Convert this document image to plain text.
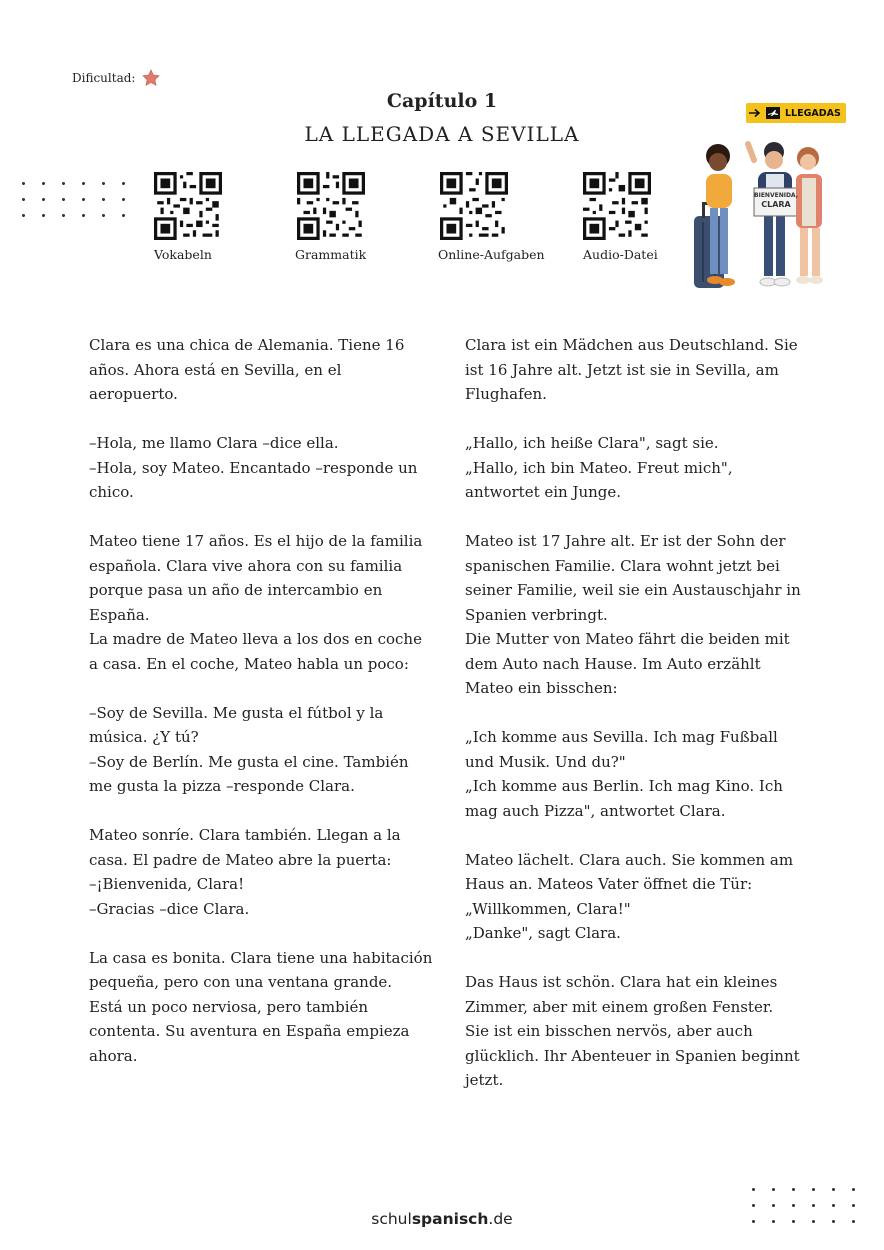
Dificultad:
Capítulo 1
LA LLEGADA A SEVILLA
Vokabeln	Grammatik	Online-Aufgaben	Audio-Datei
LLEGADAS
BIENVENIDA,
CLARA

Clara es una chica de Alemania. Tiene 16 años. Ahora está en Sevilla, en el aeropuerto.

–Hola, me llamo Clara –dice ella.

–Hola, soy Mateo. Encantado –responde un chico.

Mateo tiene 17 años. Es el hijo de la familia española. Clara vive ahora con su familia porque pasa un año de intercambio en España.

La madre de Mateo lleva a los dos en coche a casa. En el coche, Mateo habla un poco:

–Soy de Sevilla. Me gusta el fútbol y la música. ¿Y tú?

–Soy de Berlín. Me gusta el cine. También me gusta la pizza –responde Clara.

Mateo sonríe. Clara también. Llegan a la casa. El padre de Mateo abre la puerta:

–¡Bienvenida, Clara!

–Gracias –dice Clara.

La casa es bonita. Clara tiene una habitación pequeña, pero con una ventana grande.

Está un poco nerviosa, pero también contenta. Su aventura en España empieza ahora.

Clara ist ein Mädchen aus Deutschland. Sie ist 16 Jahre alt. Jetzt ist sie in Sevilla, am Flughafen.

„Hallo, ich heiße Clara", sagt sie.

„Hallo, ich bin Mateo. Freut mich", antwortet ein Junge.

Mateo ist 17 Jahre alt. Er ist der Sohn der spanischen Familie. Clara wohnt jetzt bei seiner Familie, weil sie ein Austauschjahr in Spanien verbringt.

Die Mutter von Mateo fährt die beiden mit dem Auto nach Hause. Im Auto erzählt Mateo ein bisschen:

„Ich komme aus Sevilla. Ich mag Fußball und Musik. Und du?"

„Ich komme aus Berlin. Ich mag Kino. Ich mag auch Pizza", antwortet Clara.

Mateo lächelt. Clara auch. Sie kommen am Haus an. Mateos Vater öffnet die Tür:

„Willkommen, Clara!"

„Danke", sagt Clara.

Das Haus ist schön. Clara hat ein kleines Zimmer, aber mit einem großen Fenster.

Sie ist ein bisschen nervös, aber auch glücklich. Ihr Abenteuer in Spanien beginnt jetzt.

schulspanisch.de
